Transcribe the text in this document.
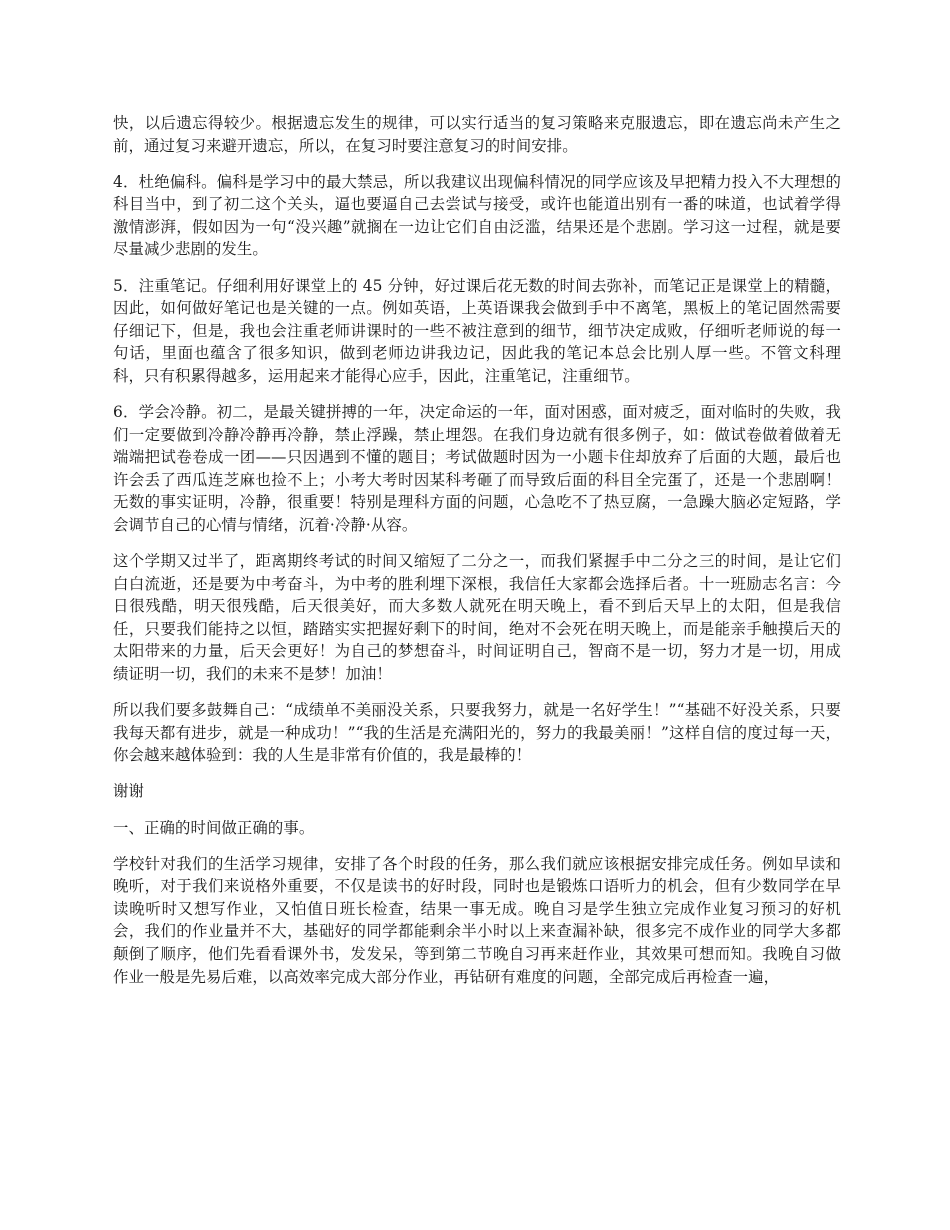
快，以后遗忘得较少。根据遗忘发生的规律，可以实行适当的复习策略来克服遗忘，即在遗忘尚未产生之前，通过复习来避开遗忘，所以，在复习时要注意复习的时间安排。

4．杜绝偏科。偏科是学习中的最大禁忌，所以我建议出现偏科情况的同学应该及早把精力投入不大理想的科目当中，到了初二这个关头，逼也要逼自己去尝试与接受，或许也能道出别有一番的味道，也试着学得激情澎湃，假如因为一句“没兴趣”就搁在一边让它们自由泛滥，结果还是个悲剧。学习这一过程，就是要尽量减少悲剧的发生。

5．注重笔记。仔细利用好课堂上的 45 分钟，好过课后花无数的时间去弥补，而笔记正是课堂上的精髓，因此，如何做好笔记也是关键的一点。例如英语，上英语课我会做到手中不离笔，黑板上的笔记固然需要仔细记下，但是，我也会注重老师讲课时的一些不被注意到的细节，细节决定成败，仔细听老师说的每一句话，里面也蕴含了很多知识，做到老师边讲我边记，因此我的笔记本总会比别人厚一些。不管文科理科，只有积累得越多，运用起来才能得心应手，因此，注重笔记，注重细节。

6．学会冷静。初二，是最关键拼搏的一年，决定命运的一年，面对困惑，面对疲乏，面对临时的失败，我们一定要做到冷静冷静再冷静，禁止浮躁，禁止埋怨。在我们身边就有很多例子，如：做试卷做着做着无端端把试卷卷成一团——只因遇到不懂的题目；考试做题时因为一小题卡住却放弃了后面的大题，最后也许会丢了西瓜连芝麻也捡不上；小考大考时因某科考砸了而导致后面的科目全完蛋了，还是一个悲剧啊！无数的事实证明，冷静，很重要！特别是理科方面的问题，心急吃不了热豆腐，一急躁大脑必定短路，学会调节自己的心情与情绪，沉着·冷静·从容。

这个学期又过半了，距离期终考试的时间又缩短了二分之一，而我们紧握手中二分之三的时间，是让它们白白流逝，还是要为中考奋斗，为中考的胜利埋下深根，我信任大家都会选择后者。十一班励志名言：今日很残酷，明天很残酷，后天很美好，而大多数人就死在明天晚上，看不到后天早上的太阳，但是我信任，只要我们能持之以恒，踏踏实实把握好剩下的时间，绝对不会死在明天晚上，而是能亲手触摸后天的太阳带来的力量，后天会更好！为自己的梦想奋斗，时间证明自己，智商不是一切，努力才是一切，用成绩证明一切，我们的未来不是梦！加油！

所以我们要多鼓舞自己：“成绩单不美丽没关系，只要我努力，就是一名好学生！”“基础不好没关系，只要我每天都有进步，就是一种成功！”“我的生活是充满阳光的，努力的我最美丽！”这样自信的度过每一天，你会越来越体验到：我的人生是非常有价值的，我是最棒的！

谢谢

一、正确的时间做正确的事。

学校针对我们的生活学习规律，安排了各个时段的任务，那么我们就应该根据安排完成任务。例如早读和晚听，对于我们来说格外重要，不仅是读书的好时段，同时也是锻炼口语听力的机会，但有少数同学在早读晚听时又想写作业，又怕值日班长检查，结果一事无成。晚自习是学生独立完成作业复习预习的好机会，我们的作业量并不大，基础好的同学都能剩余半小时以上来查漏补缺，很多完不成作业的同学大多都颠倒了顺序，他们先看看课外书，发发呆，等到第二节晚自习再来赶作业，其效果可想而知。我晚自习做作业一般是先易后难，以高效率完成大部分作业，再钻研有难度的问题，全部完成后再检查一遍，
